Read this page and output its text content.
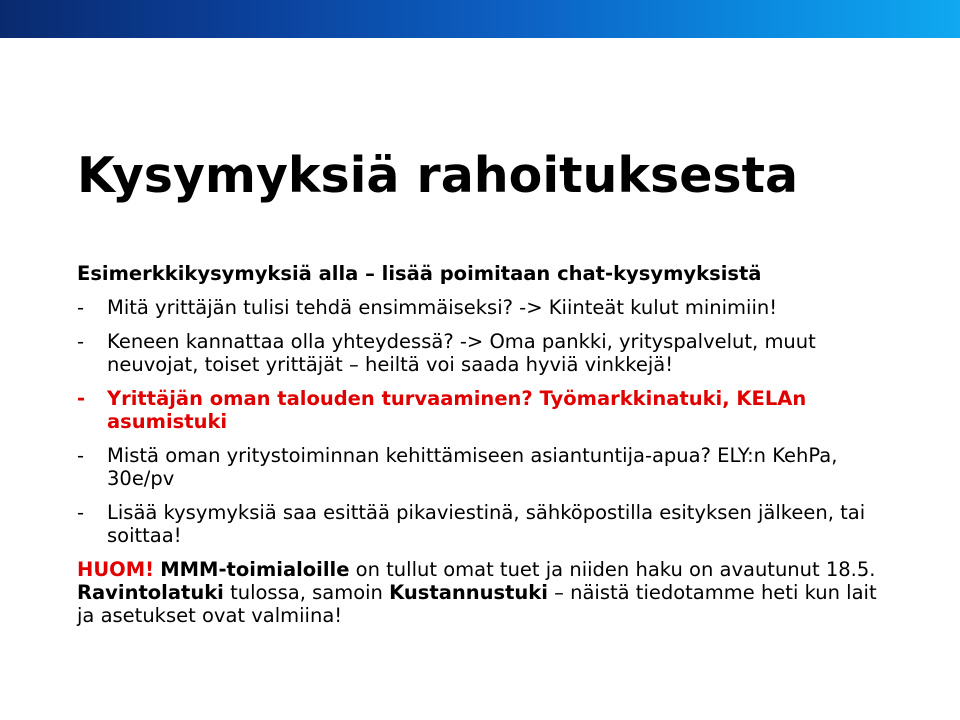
Kysymyksiä rahoituksesta

Esimerkkikysymyksiä alla – lisää poimitaan chat-kysymyksistä

-	Mitä yrittäjän tulisi tehdä ensimmäiseksi? -> Kiinteät kulut minimiin!
-	Keneen kannattaa olla yhteydessä? -> Oma pankki, yrityspalvelut, muut neuvojat, toiset yrittäjät – heiltä voi saada hyviä vinkkejä!
-	Yrittäjän oman talouden turvaaminen? Työmarkkinatuki, KELAn asumistuki
-	Mistä oman yritystoiminnan kehittämiseen asiantuntija-apua? ELY:n KehPa, 30e/pv
-	Lisää kysymyksiä saa esittää pikaviestinä, sähköpostilla esityksen jälkeen, tai soittaa!

HUOM! MMM-toimialoille on tullut omat tuet ja niiden haku on avautunut 18.5. Ravintolatuki tulossa, samoin Kustannustuki – näistä tiedotamme heti kun lait ja asetukset ovat valmiina!
